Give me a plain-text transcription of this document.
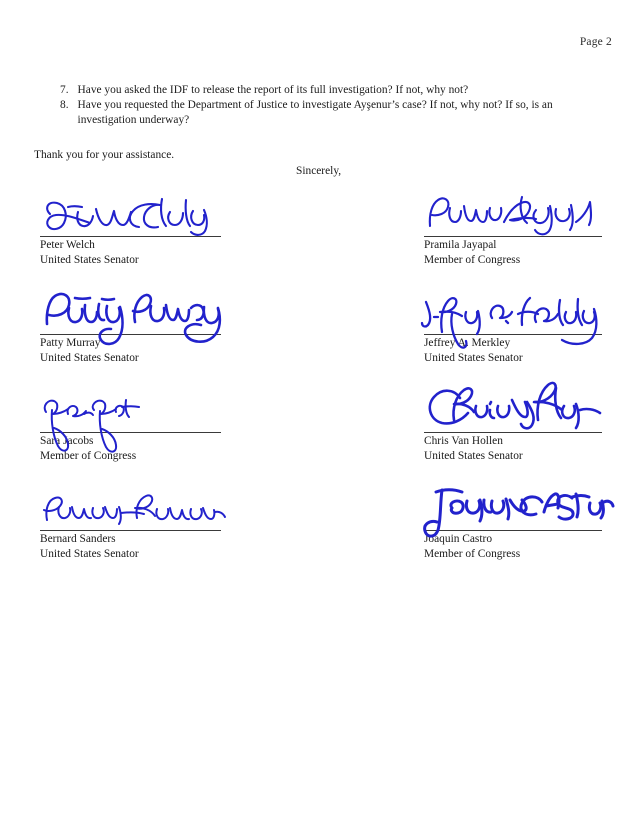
Page 2
7. Have you asked the IDF to release the report of its full investigation? If not, why not?
8. Have you requested the Department of Justice to investigate Ayşenur’s case? If not, why not? If so, is an investigation underway?
Thank you for your assistance.
Sincerely,
Peter Welch
United States Senator
Pramila Jayapal
Member of Congress
Patty Murray
United States Senator
Jeffrey A. Merkley
United States Senator
Sara Jacobs
Member of Congress
Chris Van Hollen
United States Senator
Bernard Sanders
United States Senator
Joaquin Castro
Member of Congress
